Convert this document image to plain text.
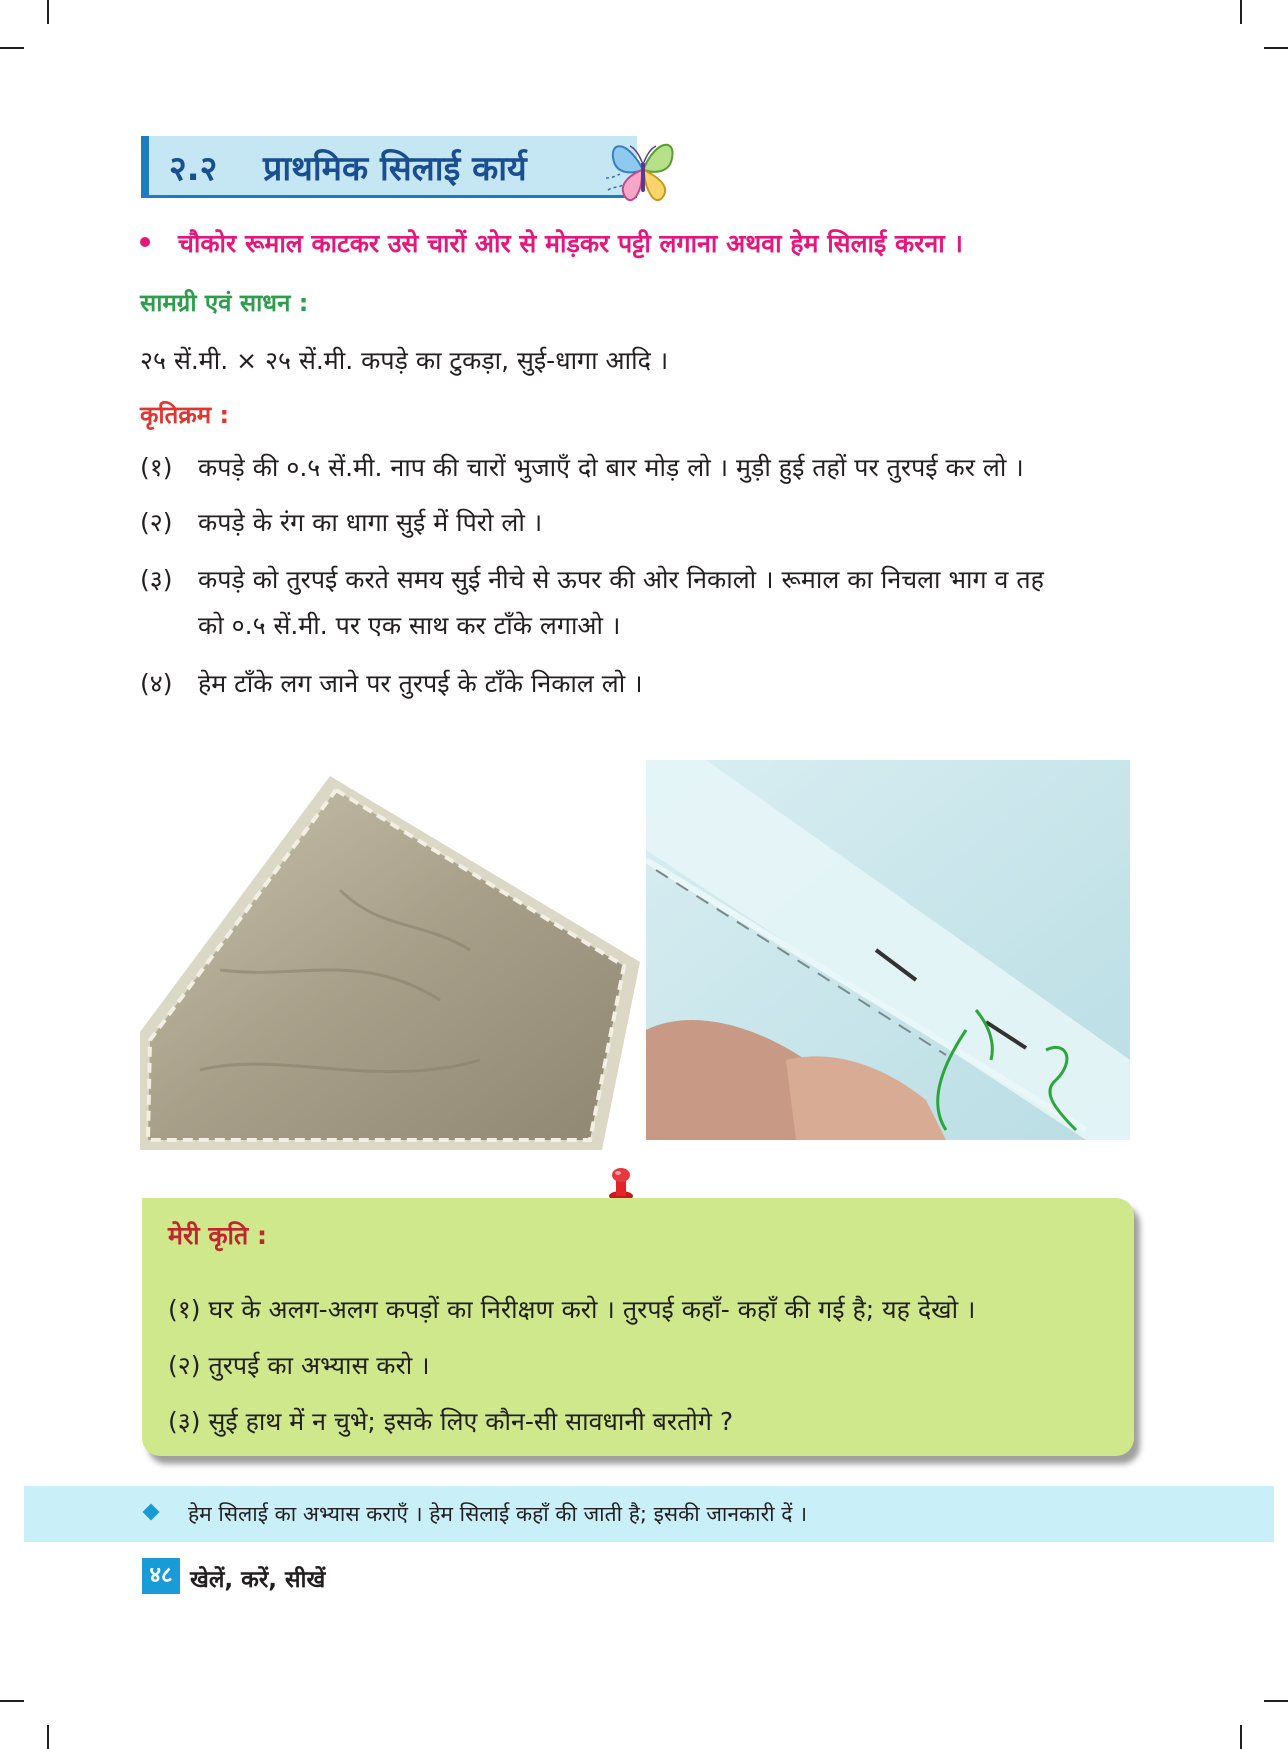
२.२ प्राथमिक सिलाई कार्य
चौकोर रूमाल काटकर उसे चारों ओर से मोड़कर पट्टी लगाना अथवा हेम सिलाई करना ।
सामग्री एवं साधन :
२५ सें.मी. × २५ सें.मी. कपड़े का टुकड़ा, सुई-धागा आदि ।
कृतिक्रम :
(१) कपड़े की ०.५ सें.मी. नाप की चारों भुजाएँ दो बार मोड़ लो । मुड़ी हुई तहों पर तुरपई कर लो ।
(२) कपड़े के रंग का धागा सुई में पिरो लो ।
(३) कपड़े को तुरपई करते समय सुई नीचे से ऊपर की ओर निकालो । रूमाल का निचला भाग व तह
को ०.५ सें.मी. पर एक साथ कर टाँके लगाओ ।
(४) हेम टाँके लग जाने पर तुरपई के टाँके निकाल लो ।
मेरी कृति :
(१) घर के अलग-अलग कपड़ों का निरीक्षण करो । तुरपई कहाँ- कहाँ की गई है; यह देखो ।
(२) तुरपई का अभ्यास करो ।
(३) सुई हाथ में न चुभे; इसके लिए कौन-सी सावधानी बरतोगे ?
हेम सिलाई का अभ्यास कराएँ । हेम सिलाई कहाँ की जाती है; इसकी जानकारी दें ।
४८ खेलें, करें, सीखें
